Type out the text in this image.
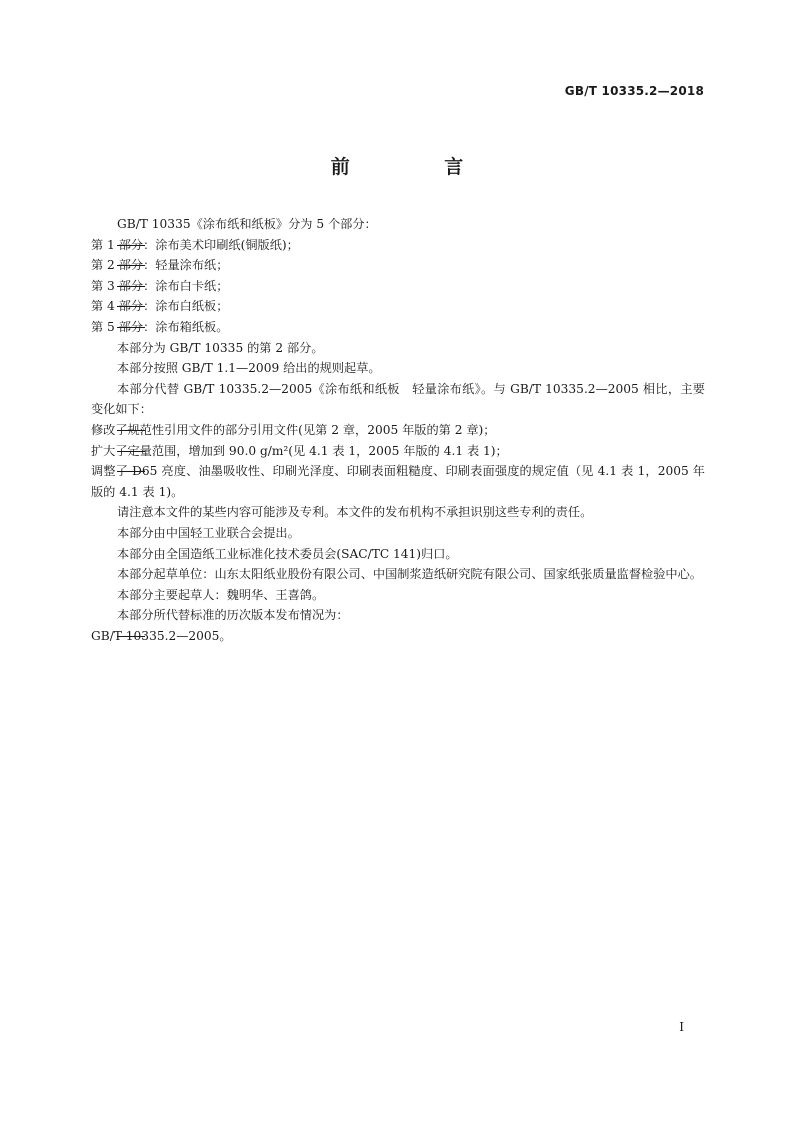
GB/T 10335.2—2018
前 言

GB/T 10335《涂布纸和纸板》分为 5 个部分：

第 1 部分：涂布美术印刷纸(铜版纸)；

第 2 部分：轻量涂布纸；

第 3 部分：涂布白卡纸；

第 4 部分：涂布白纸板；

第 5 部分：涂布箱纸板。

本部分为 GB/T 10335 的第 2 部分。

本部分按照 GB/T 1.1—2009 给出的规则起草。

本部分代替 GB/T 10335.2—2005《涂布纸和纸板　轻量涂布纸》。与 GB/T 10335.2—2005 相比，主要变化如下：

修改了规范性引用文件的部分引用文件(见第 2 章，2005 年版的第 2 章)；

扩大了定量范围，增加到 90.0 g/m²(见 4.1 表 1，2005 年版的 4.1 表 1)；

调整了 D65 亮度、油墨吸收性、印刷光泽度、印刷表面粗糙度、印刷表面强度的规定值（见 4.1 表 1，2005 年版的 4.1 表 1)。

请注意本文件的某些内容可能涉及专利。本文件的发布机构不承担识别这些专利的责任。

本部分由中国轻工业联合会提出。

本部分由全国造纸工业标准化技术委员会(SAC/TC 141)归口。

本部分起草单位：山东太阳纸业股份有限公司、中国制浆造纸研究院有限公司、国家纸张质量监督检验中心。

本部分主要起草人：魏明华、王喜鸽。

本部分所代替标准的历次版本发布情况为：

GB/T 10335.2—2005。

I
